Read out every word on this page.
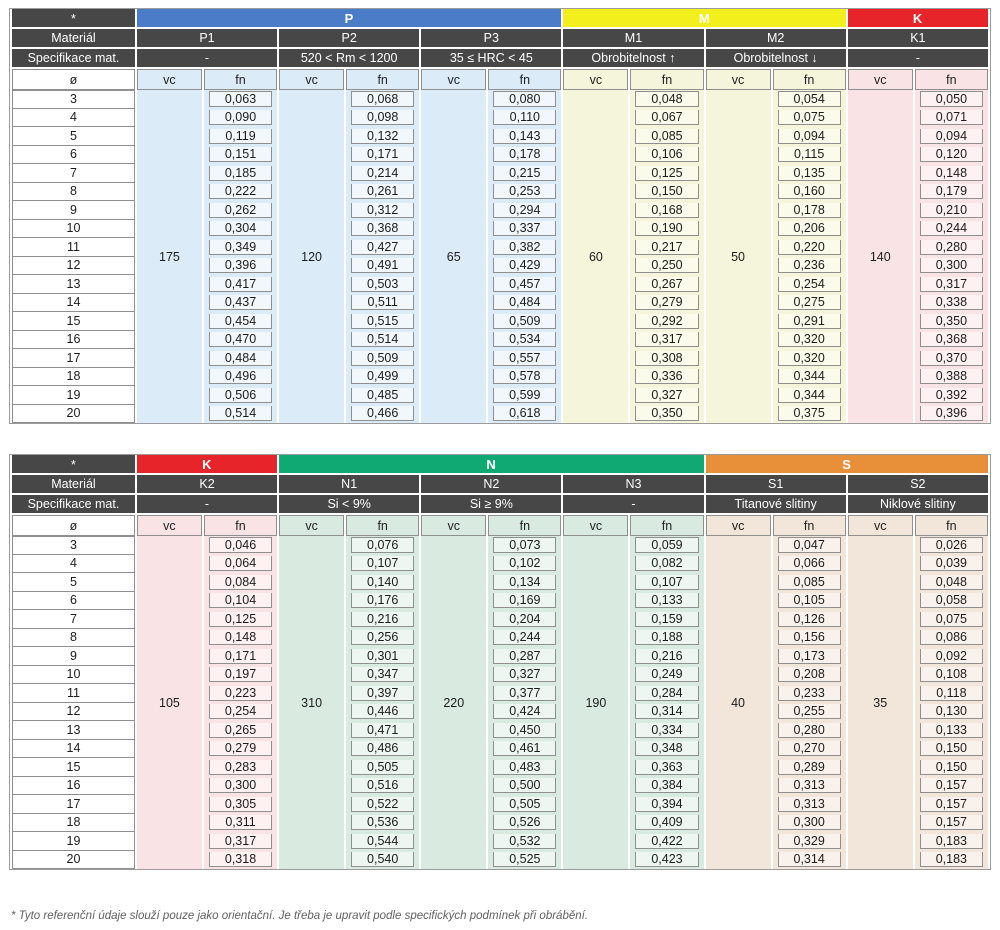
*	P						M				K	
Materiál	P1		P2		P3		M1		M2		K1	
Specifikace mat.	-		520 < Rm < 1200		35 ≤ HRC < 45		Obrobitelnost ↑		Obrobitelnost ↓		-	
ø	vc	fn	vc	fn	vc	fn	vc	fn	vc	fn	vc	fn
3	175	0,063	120	0,068	65	0,080	60	0,048	50	0,054	140	0,050

4		0,090		0,098		0,110		0,067		0,075		0,071

5		0,119		0,132		0,143		0,085		0,094		0,094

6		0,151		0,171		0,178		0,106		0,115		0,120

7		0,185		0,214		0,215		0,125		0,135		0,148

8		0,222		0,261		0,253		0,150		0,160		0,179

9		0,262		0,312		0,294		0,168		0,178		0,210

10		0,304		0,368		0,337		0,190		0,206		0,244

11		0,349		0,427		0,382		0,217		0,220		0,280

12		0,396		0,491		0,429		0,250		0,236		0,300

13		0,417		0,503		0,457		0,267		0,254		0,317

14		0,437		0,511		0,484		0,279		0,275		0,338

15		0,454		0,515		0,509		0,292		0,291		0,350

16		0,470		0,514		0,534		0,317		0,320		0,368

17		0,484		0,509		0,557		0,308		0,320		0,370

18		0,496		0,499		0,578		0,336		0,344		0,388

19		0,506		0,485		0,599		0,327		0,344		0,392

20		0,514		0,466		0,618		0,350		0,375		0,396
*	K		N						S			
Materiál	K2		N1		N2		N3		S1		S2	
Specifikace mat.	-		Si < 9%		Si ≥ 9%		-		Titanové slitiny		Niklové slitiny	
ø	vc	fn	vc	fn	vc	fn	vc	fn	vc	fn	vc	fn
3	105	0,046	310	0,076	220	0,073	190	0,059	40	0,047	35	0,026

4		0,064		0,107		0,102		0,082		0,066		0,039

5		0,084		0,140		0,134		0,107		0,085		0,048

6		0,104		0,176		0,169		0,133		0,105		0,058

7		0,125		0,216		0,204		0,159		0,126		0,075

8		0,148		0,256		0,244		0,188		0,156		0,086

9		0,171		0,301		0,287		0,216		0,173		0,092

10		0,197		0,347		0,327		0,249		0,208		0,108

11		0,223		0,397		0,377		0,284		0,233		0,118

12		0,254		0,446		0,424		0,314		0,255		0,130

13		0,265		0,471		0,450		0,334		0,280		0,133

14		0,279		0,486		0,461		0,348		0,270		0,150

15		0,283		0,505		0,483		0,363		0,289		0,150

16		0,300		0,516		0,500		0,384		0,313		0,157

17		0,305		0,522		0,505		0,394		0,313		0,157

18		0,311		0,536		0,526		0,409		0,300		0,157

19		0,317		0,544		0,532		0,422		0,329		0,183

20		0,318		0,540		0,525		0,423		0,314		0,183
* Tyto referenční údaje slouží pouze jako orientační. Je třeba je upravit podle specifických podmínek při obrábění.
